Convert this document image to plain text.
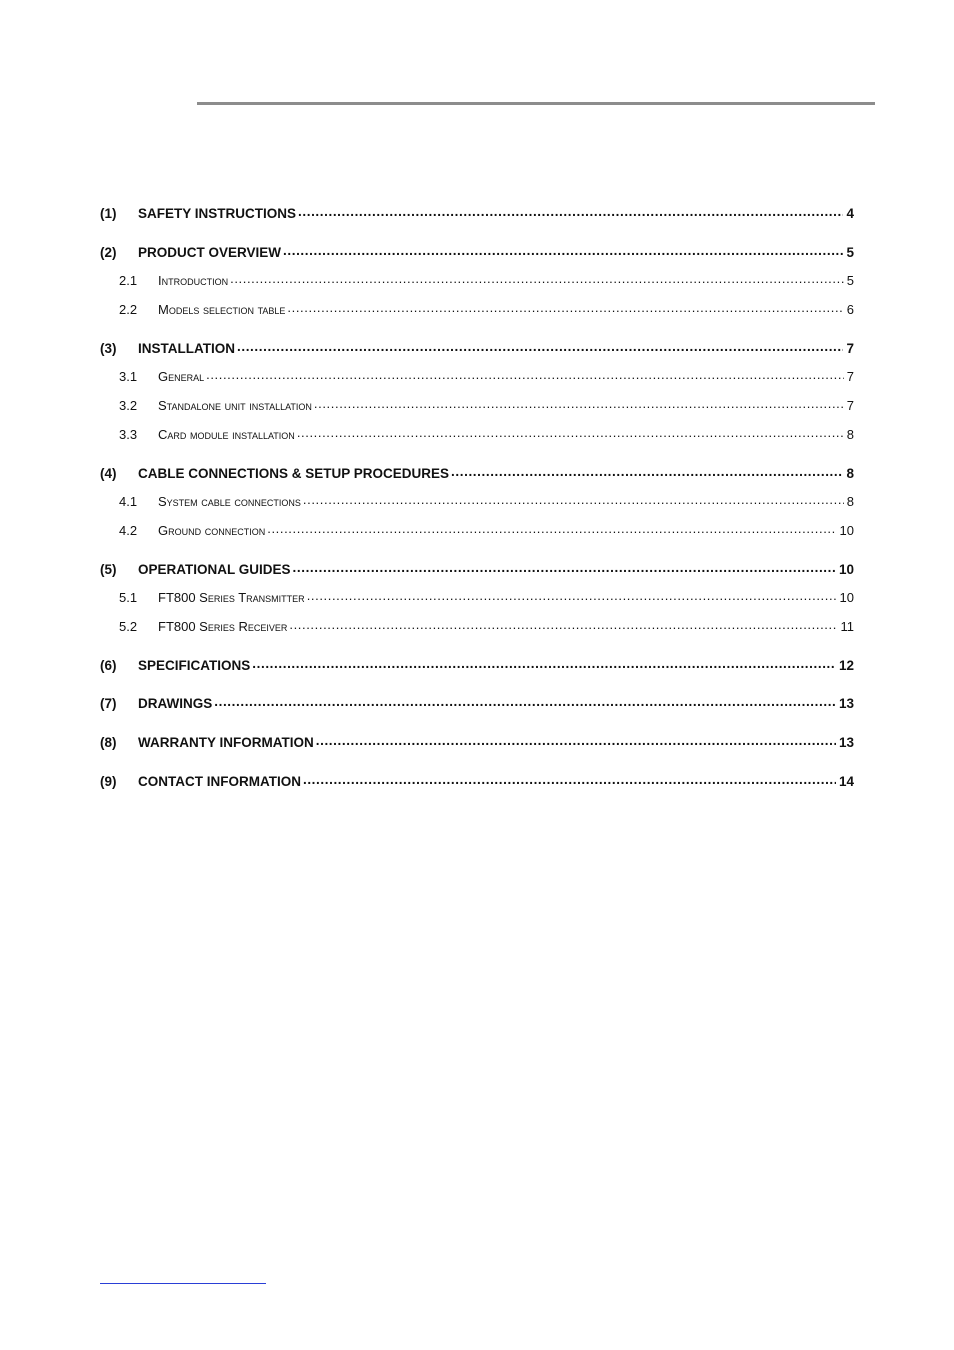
(1)	SAFETY INSTRUCTIONS .....	4
(2)	PRODUCT OVERVIEW .....	5
2.1	Introduction .....	5
2.2	Models selection table .....	6
(3)	INSTALLATION .....	7
3.1	General .....	7
3.2	Standalone unit installation .....	7
3.3	Card module installation .....	8
(4)	CABLE CONNECTIONS & SETUP PROCEDURES .....	8
4.1	System cable connections .....	8
4.2	Ground connection .....	10
(5)	OPERATIONAL GUIDES .....	10
5.1	FT800 Series Transmitter .....	10
5.2	FT800 Series Receiver .....	11
(6)	SPECIFICATIONS .....	12
(7)	DRAWINGS .....	13
(8)	WARRANTY INFORMATION .....	13
(9)	CONTACT INFORMATION .....	14
